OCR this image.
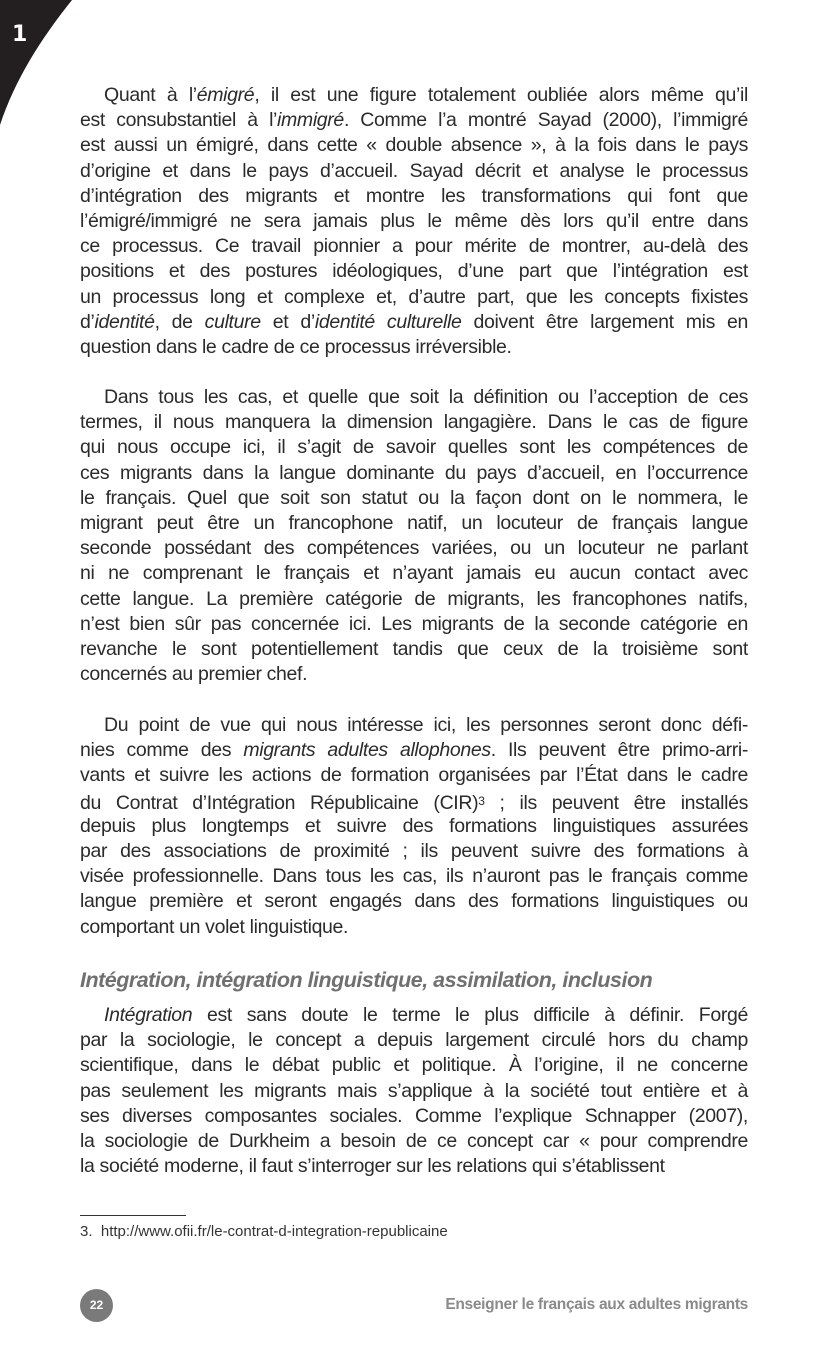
1
Quant à l’émigré, il est une figure totalement oubliée alors même qu’il
est consubstantiel à l’immigré. Comme l’a montré Sayad (2000), l’immigré
est aussi un émigré, dans cette « double absence », à la fois dans le pays
d’origine et dans le pays d’accueil. Sayad décrit et analyse le processus
d’intégration des migrants et montre les transformations qui font que
l’émigré/immigré ne sera jamais plus le même dès lors qu’il entre dans
ce processus. Ce travail pionnier a pour mérite de montrer, au-delà des
positions et des postures idéologiques, d’une part que l’intégration est
un processus long et complexe et, d’autre part, que les concepts fixistes
d’identité, de culture et d’identité culturelle doivent être largement mis en
question dans le cadre de ce processus irréversible.
Dans tous les cas, et quelle que soit la définition ou l’acception de ces
termes, il nous manquera la dimension langagière. Dans le cas de figure
qui nous occupe ici, il s’agit de savoir quelles sont les compétences de
ces migrants dans la langue dominante du pays d’accueil, en l’occurrence
le français. Quel que soit son statut ou la façon dont on le nommera, le
migrant peut être un francophone natif, un locuteur de français langue
seconde possédant des compétences variées, ou un locuteur ne parlant
ni ne comprenant le français et n’ayant jamais eu aucun contact avec
cette langue. La première catégorie de migrants, les francophones natifs,
n’est bien sûr pas concernée ici. Les migrants de la seconde catégorie en
revanche le sont potentiellement tandis que ceux de la troisième sont
concernés au premier chef.
Du point de vue qui nous intéresse ici, les personnes seront donc défi-
nies comme des migrants adultes allophones. Ils peuvent être primo-arri-
vants et suivre les actions de formation organisées par l’État dans le cadre
du Contrat d’Intégration Républicaine (CIR)$^3$ ; ils peuvent être installés
depuis plus longtemps et suivre des formations linguistiques assurées
par des associations de proximité ; ils peuvent suivre des formations à
visée professionnelle. Dans tous les cas, ils n’auront pas le français comme
langue première et seront engagés dans des formations linguistiques ou
comportant un volet linguistique.
Intégration est sans doute le terme le plus difficile à définir. Forgé
par la sociologie, le concept a depuis largement circulé hors du champ
scientifique, dans le débat public et politique. À l’origine, il ne concerne
pas seulement les migrants mais s’applique à la société tout entière et à
ses diverses composantes sociales. Comme l’explique Schnapper (2007),
la sociologie de Durkheim a besoin de ce concept car « pour comprendre
la société moderne, il faut s’interroger sur les relations qui s’établissent
Intégration, intégration linguistique, assimilation, inclusion
3. http://www.ofii.fr/le-contrat-d-integration-republicaine
22	Enseigner le français aux adultes migrants
